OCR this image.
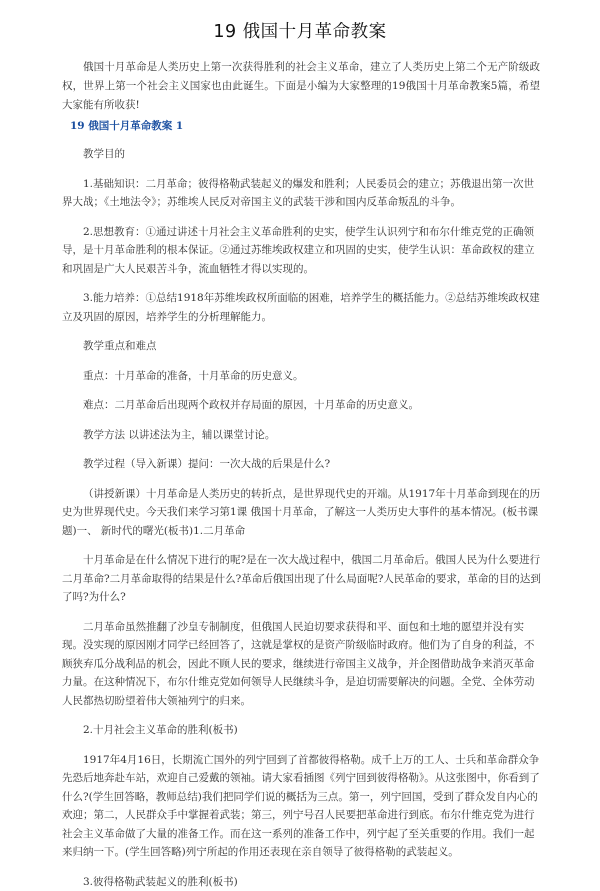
19 俄国十月革命教案
俄国十月革命是人类历史上第一次获得胜利的社会主义革命，建立了人类历史上第二个无产阶级政权，世界上第一个社会主义国家也由此诞生。下面是小编为大家整理的19俄国十月革命教案5篇，希望大家能有所收获!
19 俄国十月革命教案 1

教学目的

1.基础知识：二月革命；彼得格勒武装起义的爆发和胜利；人民委员会的建立；苏俄退出第一次世界大战；《土地法令》；苏维埃人民反对帝国主义的武装干涉和国内反革命叛乱的斗争。

2.思想教育：①通过讲述十月社会主义革命胜利的史实，使学生认识列宁和布尔什维克党的正确领导，是十月革命胜利的根本保证。②通过苏维埃政权建立和巩固的史实，使学生认识：革命政权的建立和巩固是广大人民艰苦斗争，流血牺牲才得以实现的。

3.能力培养：①总结1918年苏维埃政权所面临的困难，培养学生的概括能力。②总结苏维埃政权建立及巩固的原因，培养学生的分析理解能力。

教学重点和难点

重点：十月革命的准备，十月革命的历史意义。

难点：二月革命后出现两个政权并存局面的原因，十月革命的历史意义。

教学方法 以讲述法为主，辅以课堂讨论。

教学过程（导入新课）提问：一次大战的后果是什么?

（讲授新课）十月革命是人类历史的转折点，是世界现代史的开端。从1917年十月革命到现在的历史为世界现代史。今天我们来学习第1课 俄国十月革命，了解这一人类历史大事件的基本情况。(板书课题)一、 新时代的曙光(板书)1.二月革命

十月革命是在什么情况下进行的呢?是在一次大战过程中，俄国二月革命后。俄国人民为什么要进行二月革命?二月革命取得的结果是什么?革命后俄国出现了什么局面呢?人民革命的要求，革命的目的达到了吗?为什么?

二月革命虽然推翻了沙皇专制制度，但俄国人民迫切要求获得和平、面包和土地的愿望并没有实现。没实现的原因刚才同学已经回答了，这就是掌权的是资产阶级临时政府。他们为了自身的利益，不顾狭弃瓜分战利品的机会，因此不顾人民的要求，继续进行帝国主义战争，并企图借助战争来消灭革命力量。在这种情况下，布尔什维克党如何领导人民继续斗争，是迫切需要解决的问题。全党、全体劳动人民都热切盼望着伟大领袖列宁的归来。

2.十月社会主义革命的胜利(板书)

1917年4月16日，长期流亡国外的列宁回到了首都彼得格勒。成千上万的工人、士兵和革命群众争先恐后地奔赴车站，欢迎自己爱戴的领袖。请大家看插图《列宁回到彼得格勒》。从这张图中，你看到了什么?(学生回答略，教师总结)我们把同学们说的概括为三点。第一，列宁回国，受到了群众发自内心的欢迎；第二，人民群众手中掌握着武装；第三，列宁号召人民要把革命进行到底。布尔什维克党为进行社会主义革命做了大量的准备工作。而在这一系列的准备工作中，列宁起了至关重要的作用。我们一起来归纳一下。(学生回答略)列宁所起的作用还表现在亲自领导了彼得格勒的武装起义。

3.彼得格勒武装起义的胜利(板书)
